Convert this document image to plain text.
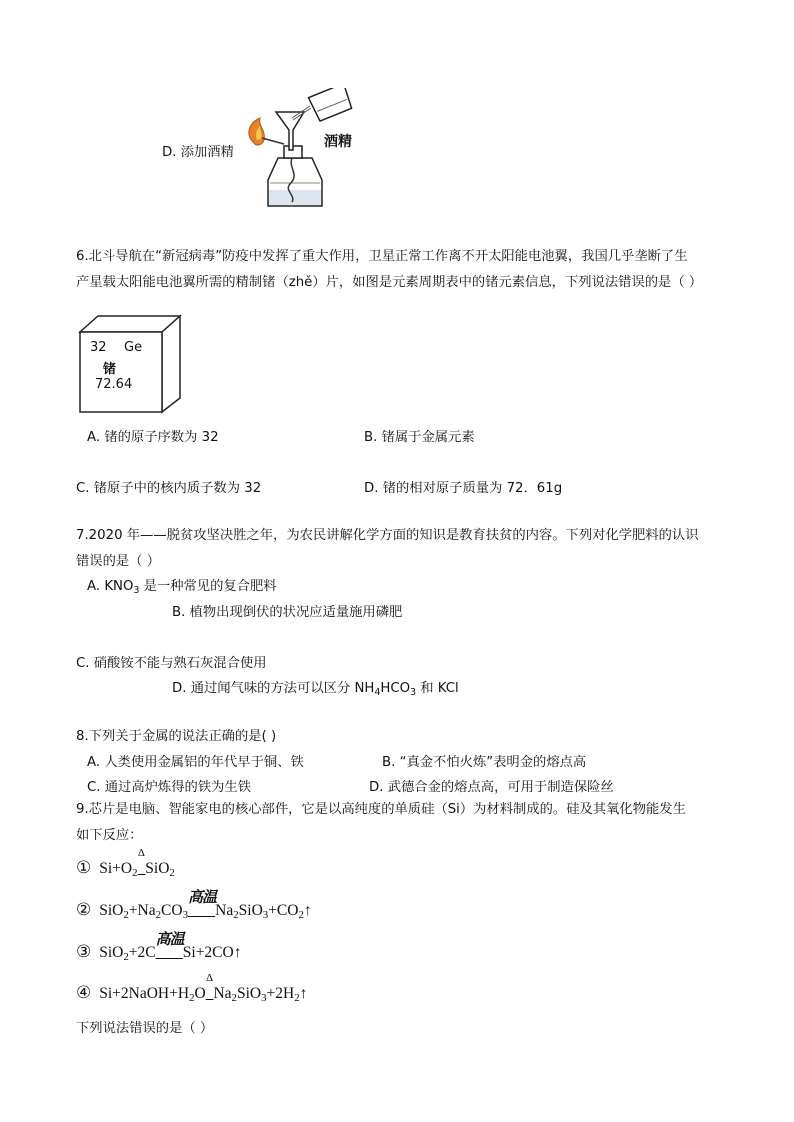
D. 添加酒精
酒精
6.北斗导航在“新冠病毒”防疫中发挥了重大作用，卫星正常工作离不开太阳能电池翼，我国几乎垄断了生
产星载太阳能电池翼所需的精制锗（zhě）片，如图是元素周期表中的锗元素信息，下列说法错误的是（ ）
32 Ge
锗
72.64
A. 锗的原子序数为 32	B. 锗属于金属元素
C. 锗原子中的核内质子数为 32	D. 锗的相对原子质量为 72．61g
7.2020 年——脱贫攻坚决胜之年，为农民讲解化学方面的知识是教育扶贫的内容。下列对化学肥料的认识
错误的是（ ）
A. $KNO_3$ 是一种常见的复合肥料
B. 植物出现倒伏的状况应适量施用磷肥
C. 硝酸铵不能与熟石灰混合使用
D. 通过闻气味的方法可以区分 $NH_4HCO_3$ 和 KCl
8.下列关于金属的说法正确的是( )
A. 人类使用金属铝的年代早于铜、铁	B. “真金不怕火炼”表明金的熔点高
C. 通过高炉炼得的铁为生铁	D. 武德合金的熔点高，可用于制造保险丝
9.芯片是电脑、智能家电的核心部件，它是以高纯度的单质硅（Si）为材料制成的。硅及其氧化物能发生
如下反应：
① $Si+O_2$
Δ
SiO$_2$
② $SiO_2+Na_2CO_3$
高温
$Na_2SiO_3+CO_2↑$
③ SiO$_2$+2C
高温
Si+2CO↑
④ $Si+2NaOH+H_2O$
Δ
$Na_2SiO_3+2H_2↑$
下列说法错误的是（ ）
